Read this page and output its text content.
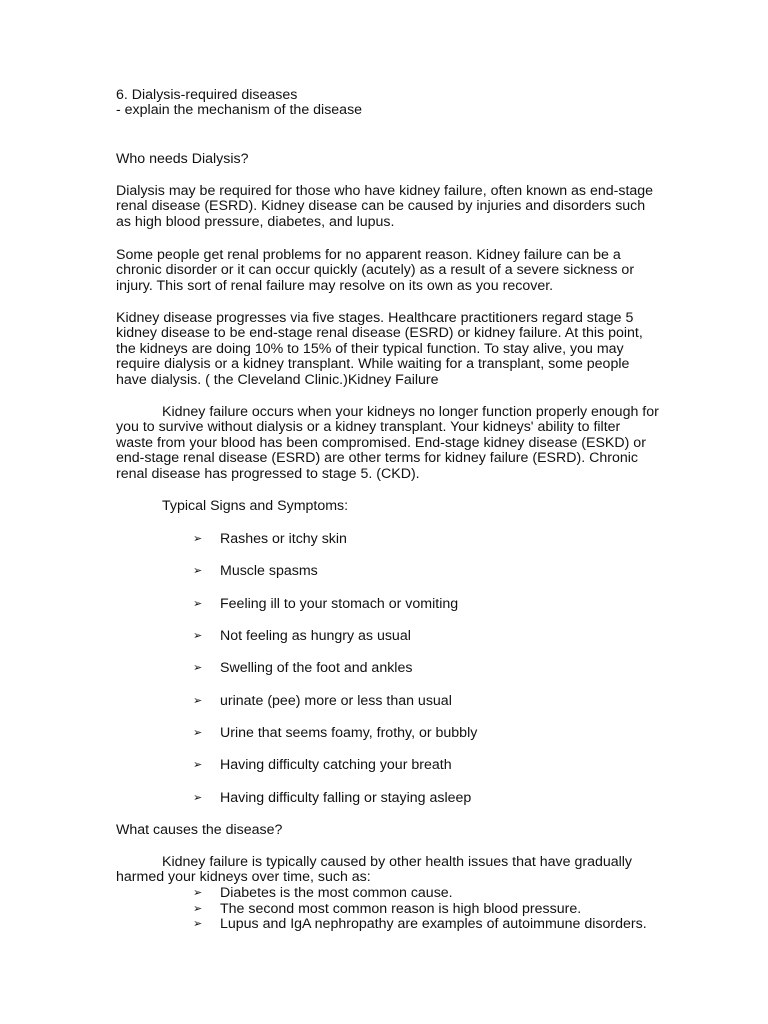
6. Dialysis-required diseases

- explain the mechanism of the disease

Who needs Dialysis?

Dialysis may be required for those who have kidney failure, often known as end-stage renal disease (ESRD). Kidney disease can be caused by injuries and disorders such as high blood pressure, diabetes, and lupus.

Some people get renal problems for no apparent reason. Kidney failure can be a chronic disorder or it can occur quickly (acutely) as a result of a severe sickness or injury. This sort of renal failure may resolve on its own as you recover.

Kidney disease progresses via five stages. Healthcare practitioners regard stage 5 kidney disease to be end-stage renal disease (ESRD) or kidney failure. At this point, the kidneys are doing 10% to 15% of their typical function. To stay alive, you may require dialysis or a kidney transplant. While waiting for a transplant, some people have dialysis. ( the Cleveland Clinic.)Kidney Failure

Kidney failure occurs when your kidneys no longer function properly enough for you to survive without dialysis or a kidney transplant. Your kidneys' ability to filter waste from your blood has been compromised. End-stage kidney disease (ESKD) or end-stage renal disease (ESRD) are other terms for kidney failure (ESRD). Chronic renal disease has progressed to stage 5. (CKD).

Typical Signs and Symptoms:
➢ Rashes or itchy skin
➢ Muscle spasms
➢ Feeling ill to your stomach or vomiting
➢ Not feeling as hungry as usual
➢ Swelling of the foot and ankles
➢ urinate (pee) more or less than usual
➢ Urine that seems foamy, frothy, or bubbly
➢ Having difficulty catching your breath
➢ Having difficulty falling or staying asleep

What causes the disease?

Kidney failure is typically caused by other health issues that have gradually harmed your kidneys over time, such as:

➢ Diabetes is the most common cause.
➢ The second most common reason is high blood pressure.
➢ Lupus and IgA nephropathy are examples of autoimmune disorders.
